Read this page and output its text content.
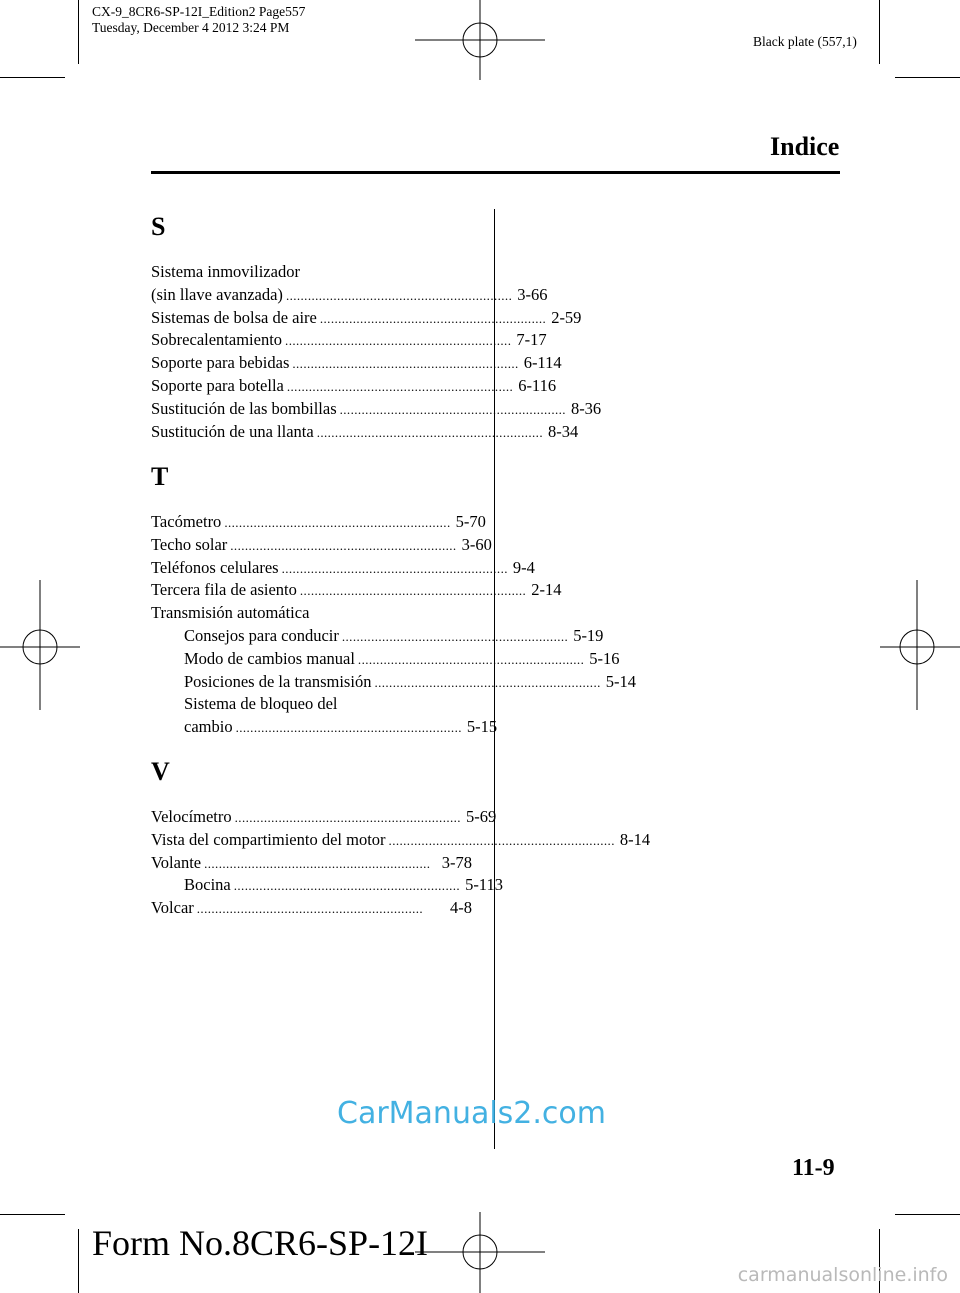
CX-9_8CR6-SP-12I_Edition2 Page557
Tuesday, December 4 2012 3:24 PM
Black plate (557,1)
Indice
S
Sistema inmovilizador
(sin llave avanzada) .............................................................. 3-66
Sistemas de bolsa de aire .............................................................. 2-59
Sobrecalentamiento .............................................................. 7-17
Soporte para bebidas .............................................................. 6-114
Soporte para botella .............................................................. 6-116
Sustitución de las bombillas .............................................................. 8-36
Sustitución de una llanta .............................................................. 8-34
T
Tacómetro .............................................................. 5-70
Techo solar .............................................................. 3-60
Teléfonos celulares .............................................................. 9-4
Tercera fila de asiento .............................................................. 2-14
Transmisión automática
Consejos para conducir .............................................................. 5-19
Modo de cambios manual .............................................................. 5-16
Posiciones de la transmisión .............................................................. 5-14
Sistema de bloqueo del
cambio .............................................................. 5-15
V
Velocímetro .............................................................. 5-69
Vista del compartimiento del motor .............................................................. 8-14
Volante .............................................................. 3-78
Bocina .............................................................. 5-113
Volcar ..............................................................	4-8
CarManuals2.com
11-9
Form No.8CR6-SP-12I
carmanualsonline.info
